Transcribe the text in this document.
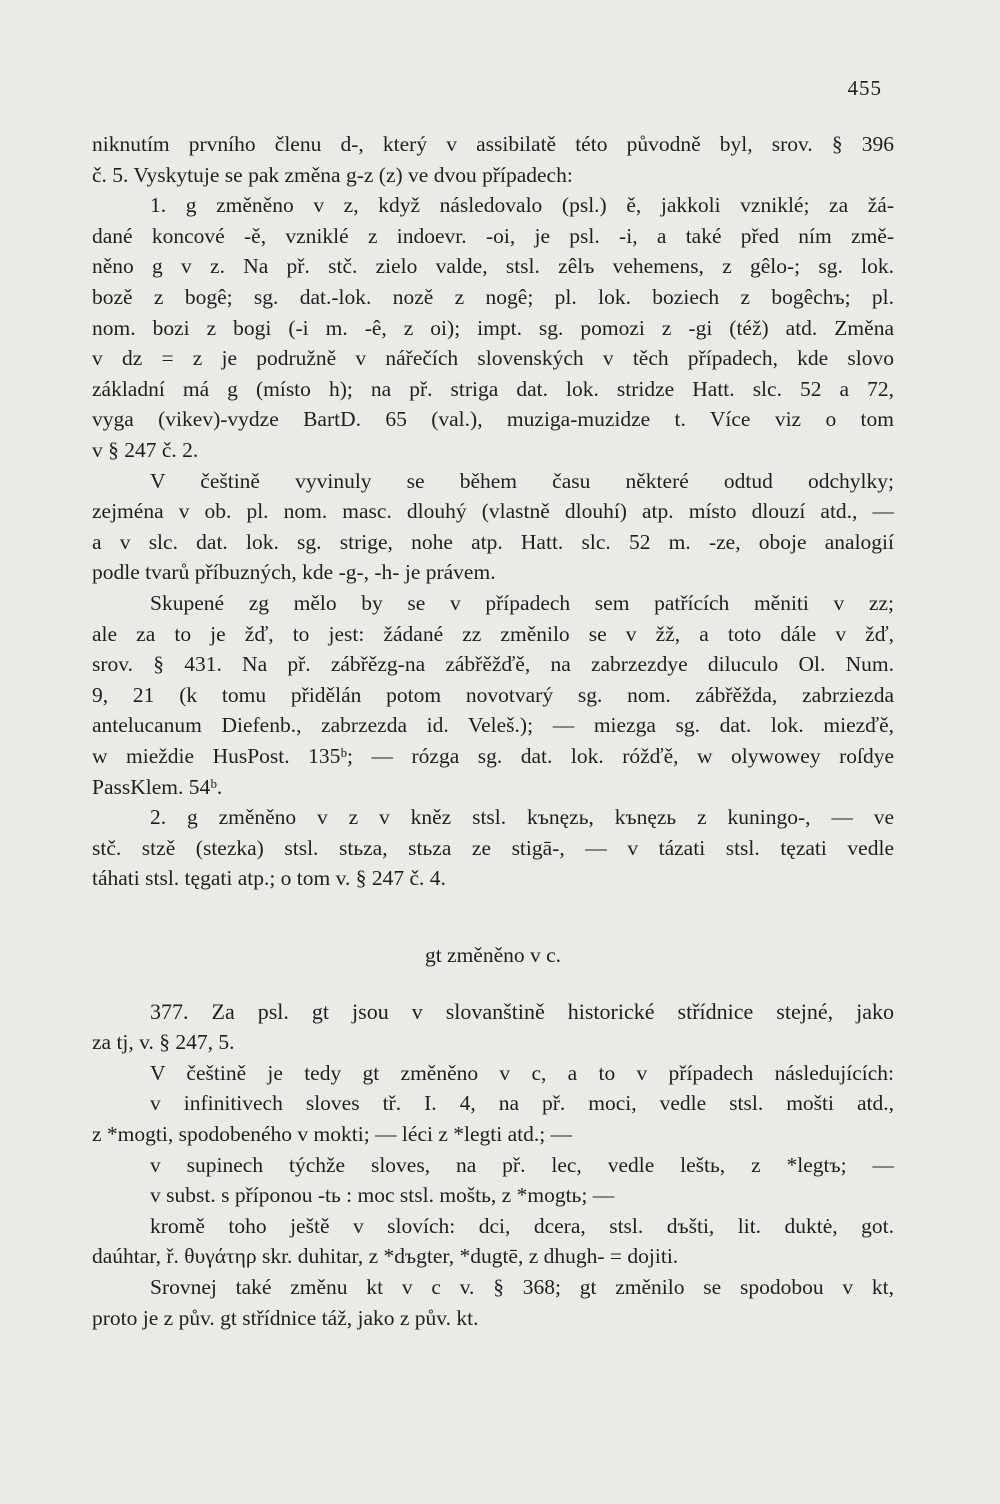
455
niknutím prvního členu d-, který v assibilatě této původně byl, srov. § 396
č. 5. Vyskytuje se pak změna g-z (z) ve dvou případech:
1. g změněno v z, když následovalo (psl.) ě, jakkoli vzniklé; za žá-
dané koncové -ě, vzniklé z indoevr. -oi, je psl. -i, a také před ním změ-
něno g v z. Na př. stč. zielo valde, stsl. zêlъ vehemens, z gêlo-; sg. lok.
bozě z bogê; sg. dat.-lok. nozě z nogê; pl. lok. boziech z bogêchъ; pl.
nom. bozi z bogi (-i m. -ê, z oi); impt. sg. pomozi z -gi (též) atd. Změna
v dz = z je podružně v nářečích slovenských v těch případech, kde slovo
základní má g (místo h); na př. striga dat. lok. stridze Hatt. slc. 52 a 72,
vyga (vikev)-vydze BartD. 65 (val.), muziga-muzidze t. Více viz o tom
v § 247 č. 2.
V češtině vyvinuly se během času některé odtud odchylky;
zejména v ob. pl. nom. masc. dlouhý (vlastně dlouhí) atp. místo dlouzí atd., —
a v slc. dat. lok. sg. strige, nohe atp. Hatt. slc. 52 m. -ze, oboje analogií
podle tvarů příbuzných, kde -g-, -h- je právem.
Skupené zg mělo by se v případech sem patřících měniti v zz;
ale za to je žď, to jest: žádané zz změnilo se v žž, a toto dále v žď,
srov. § 431. Na př. zábřězg-na zábřěžďě, na zabrzezdye diluculo Ol. Num.
9, 21 (k tomu přidělán potom novotvarý sg. nom. zábřěžda, zabrziezda
antelucanum Diefenb., zabrzezda id. Veleš.); — miezga sg. dat. lok. miezďě,
w mieždie HusPost. 135ᵇ; — rózga sg. dat. lok. róžďě, w olywowey roſdye
PassKlem. 54ᵇ.
2. g změněno v z v kněz stsl. kъnęzь, kъnęzь z kuningo-, — ve
stč. stzě (stezka) stsl. stьza, stьza ze stigā-, — v tázati stsl. tęzati vedle
táhati stsl. tęgati atp.; o tom v. § 247 č. 4.
gt změněno v c.
377. Za psl. gt jsou v slovanštině historické střídnice stejné, jako
za tj, v. § 247, 5.
V češtině je tedy gt změněno v c, a to v případech následujících:
v infinitivech sloves tř. I. 4, na př. moci, vedle stsl. mošti atd.,
z *mogti, spodobeného v mokti; — léci z *legti atd.; —
v supinech týchže sloves, na př. lec, vedle leštь, z *legtъ; —
v subst. s příponou -tь : moc stsl. moštь, z *mogtь; —
kromě toho ještě v slovích: dci, dcera, stsl. dъšti, lit. duktė, got.
daúhtar, ř. θυγάτηρ skr. duhitar, z *dъgter, *dugtē, z dhugh- = dojiti.
Srovnej také změnu kt v c v. § 368; gt změnilo se spodobou v kt,
proto je z pův. gt střídnice táž, jako z pův. kt.
